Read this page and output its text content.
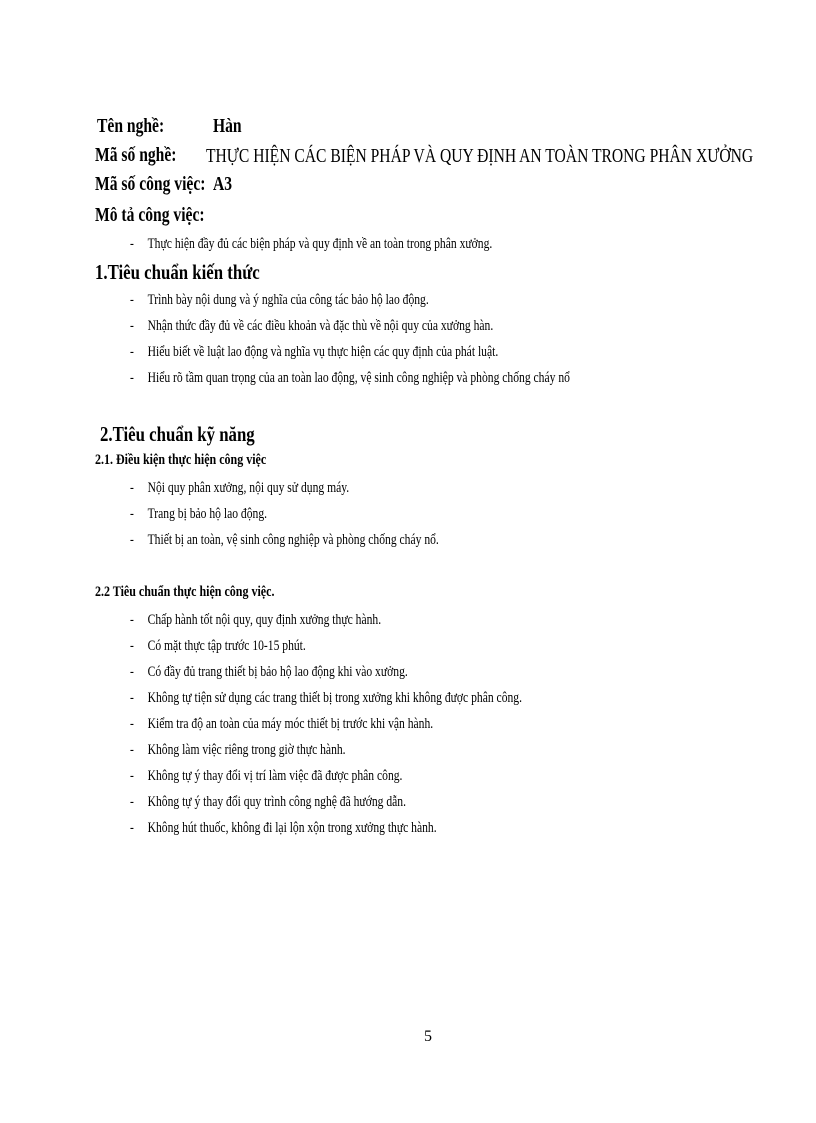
Tên nghề: Hàn
Mã số nghề: THỰC HIỆN CÁC BIỆN PHÁP VÀ QUY ĐỊNH AN TOÀN TRONG PHÂN XƯỞNG
Mã số công việc: A3
Mô tả công việc:
- Thực hiện đầy đủ các biện pháp và quy định về an toàn trong phân xưởng.
1.Tiêu chuẩn kiến thức
- Trình bày nội dung và ý nghĩa của công tác bảo hộ lao động.
- Nhận thức đầy đủ về các điều khoản và đặc thù về nội quy của xưởng hàn.
- Hiểu biết về luật lao động và nghĩa vụ thực hiện các quy định của phát luật.
- Hiểu rõ tầm quan trọng của an toàn lao động, vệ sinh công nghiệp và phòng chống cháy nổ
2.Tiêu chuẩn kỹ năng
2.1. Điều kiện thực hiện công việc
- Nội quy phân xưởng, nội quy sử dụng máy.
- Trang bị bảo hộ lao động.
- Thiết bị an toàn, vệ sinh công nghiệp và phòng chống cháy nổ.
2.2 Tiêu chuẩn thực hiện công việc.
- Chấp hành tốt nội quy, quy định xưởng thực hành.
- Có mặt thực tập trước 10-15 phút.
- Có đầy đủ trang thiết bị bảo hộ lao động khi vào xưởng.
- Không tự tiện sử dụng các trang thiết bị trong xưởng khi không được phân công.
- Kiểm tra độ an toàn của máy móc thiết bị trước khi vận hành.
- Không làm việc riêng trong giờ thực hành.
- Không tự ý thay đổi vị trí làm việc đã được phân công.
- Không tự ý thay đổi quy trình công nghệ đã hướng dẫn.
- Không hút thuốc, không đi lại lộn xộn trong xưởng thực hành.
5
